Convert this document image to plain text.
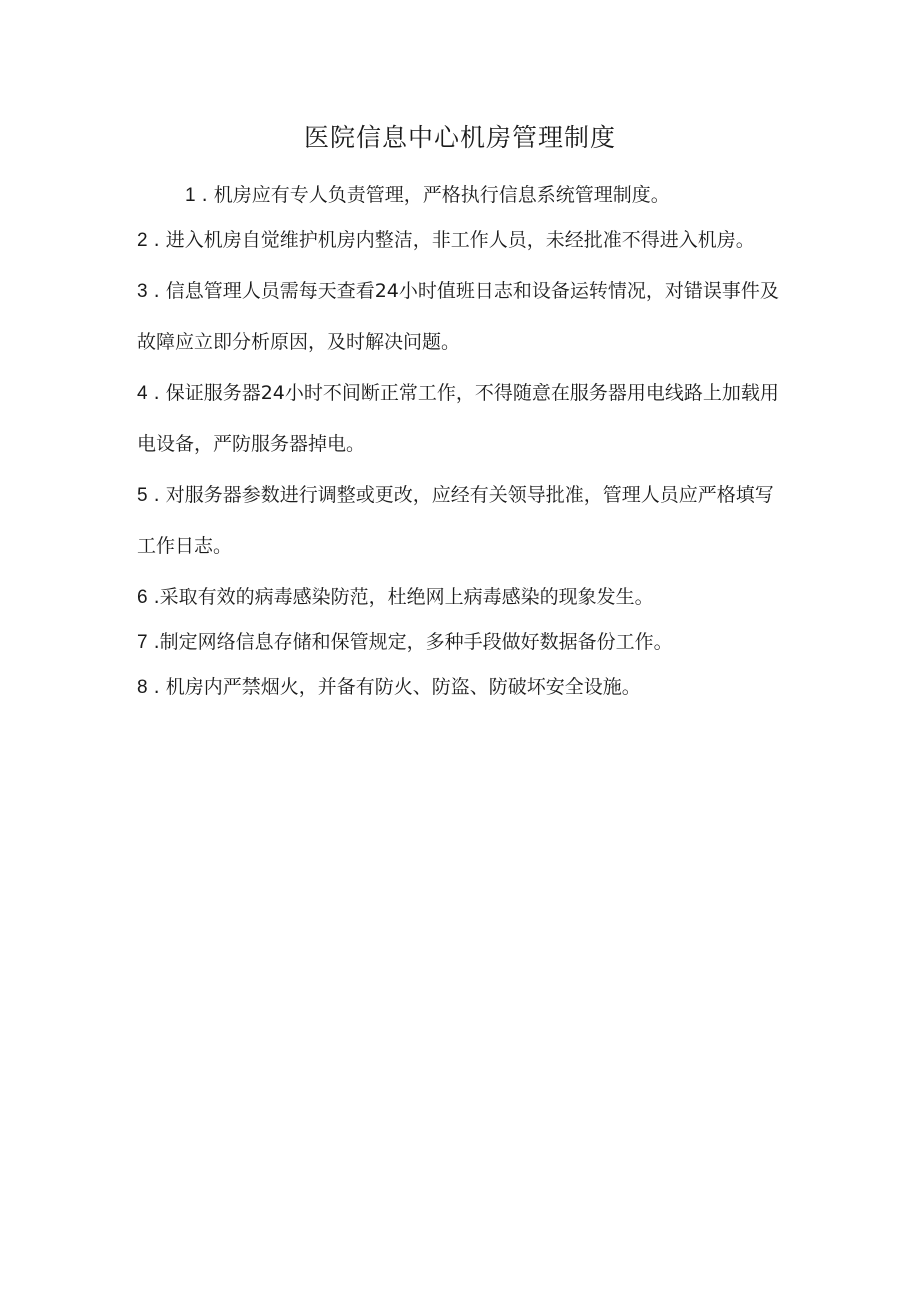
医院信息中心机房管理制度
1 . 机房应有专人负责管理，严格执行信息系统管理制度。
2 . 进入机房自觉维护机房内整洁，非工作人员，未经批准不得进入机房。
3 . 信息管理人员需每天查看24小时值班日志和设备运转情况，对错误事件及故障应立即分析原因，及时解决问题。
4 . 保证服务器24小时不间断正常工作，不得随意在服务器用电线路上加载用电设备，严防服务器掉电。
5 . 对服务器参数进行调整或更改，应经有关领导批准，管理人员应严格填写工作日志。
6 .采取有效的病毒感染防范，杜绝网上病毒感染的现象发生。
7 .制定网络信息存储和保管规定，多种手段做好数据备份工作。
8 . 机房内严禁烟火，并备有防火、防盗、防破坏安全设施。
